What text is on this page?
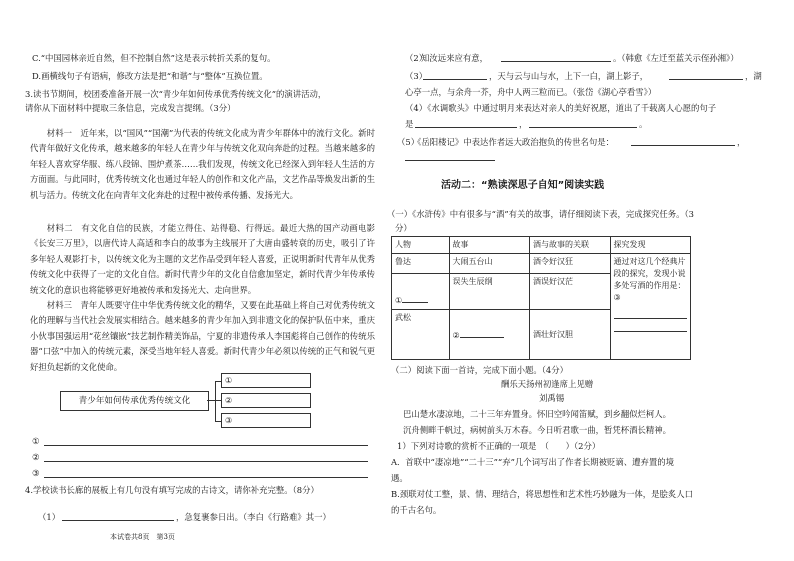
C.“中国园林亲近自然，但不控制自然”这是表示转折关系的复句。
D.画横线句子有语病，修改方法是把“和谐”与“整体”互换位置。
3.读书节期间，校团委准备开展一次“青少年如何传承优秀传统文化”的演讲活动，
请你从下面材料中提取三条信息，完成发言提纲。（3分）
材料一　近年来，以“国风”“国潮”为代表的传统文化成为青少年群体中的流行文化。新时代青年做好文化传承，越来越多的年轻人在青少年与传统文化双向奔赴的过程。当越来越多的年轻人喜欢穿华服、练八段锦、围炉煮茶……我们发现，传统文化已经深入到年轻人生活的方方面面。与此同时，优秀传统文化也通过年轻人的创作和文化产品，文艺作品等焕发出新的生机与活力。传统文化在向青年文化奔赴的过程中被传承传播、发扬光大。
材料二　有文化自信的民族，才能立得住、站得稳、行得远。最近大热的国产动画电影《长安三万里》，以唐代诗人高适和李白的故事为主线展开了大唐由盛转衰的历史，吸引了许多年轻人观影打卡，以传统文化为主题的文艺作品受到年轻人喜爱，正说明新时代青年从优秀传统文化中获得了一定的文化自信。新时代青少年的文化自信愈加坚定，新时代青少年传承传统文化的意识也将能够更好地被传承和发扬光大、走向世界。
材料三　青年人既要守住中华优秀传统文化的精华，又要在此基础上将自己对优秀传统文化的理解与当代社会发展实相结合。越来越多的青少年加入到非遗文化的保护队伍中来，重庆小伙事国强运用“花丝镶嵌”技艺制作精美饰品，宁夏的非遗传承人李国彪将自己创作的传统乐器“口弦”中加入的传统元素，深受当地年轻人喜爱。新时代青少年必须以传统的正气和锐气更好担负起新的文化使命。
青少年如何传承优秀传统文化
①
②
③
①
②
③
4.学校读书长廊的展板上有几句没有填写完成的古诗文，请你补充完整。（8分）
（1）	，急复裹参日出。（李白《行路难》其一）
本试卷共8页　第3页
（2）
知汝远来应有意，	。（韩愈《左迁至蓝关示侄孙湘》）
（3）	，天与云与山与水，上下一白，湖上影子，	，湖
心亭一点，与余舟一芥，舟中人两三粒而已。（张岱《湖心亭看雪》）
（4）
《水调歌头》中通过明月来表达对亲人的美好祝愿，道出了千载离人心愿的句子
是	，	。
（5）
《岳阳楼记》中表达作者远大政治抱负的传世名句是：	，
活动二：“熟读深思子自知”阅读实践
（一）《水浒传》中有很多与“酒”有关的故事，请仔细阅读下表，完成探究任务。（3
分）
人物	故事	酒与故事的关联	探究发现
鲁达	大闹五台山	酒令好汉狂	通过对这几个经典片段的探究，发现小说多处写酒的作用是：
③

①	误失生辰纲	酒误好汉茫	
武松	②	酒壮好汉胆	
（二）阅读下面一首诗，完成下面小题。（4分）
酬乐天扬州初逢席上见赠
刘禹锡
巴山楚水凄凉地，二十三年弃置身。怀旧空吟闻笛赋，到乡翻似烂柯人。
沉舟侧畔千帆过，病树前头万木春。今日听君歌一曲，暂凭杯酒长精神。
1）下列对诗歌的赏析不正确的一项是　（　　）（2分）
A．首联中“凄凉地”“二十三”“弃”几个词写出了作者长期被贬谪、遭弃置的境
遇。
B.颈联对仗工整，景、情、理结合，将思想性和艺术性巧妙融为一体，是脍炙人口
的千古名句。
